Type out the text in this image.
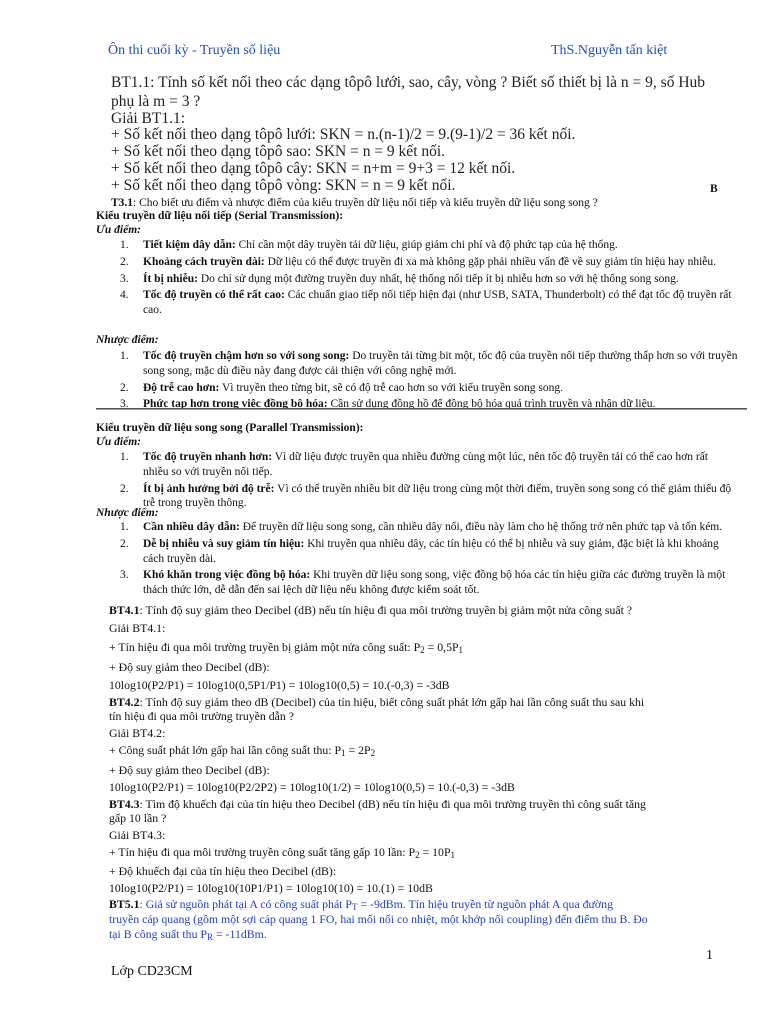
Ôn thi cuối kỳ - Truyền số liệu	ThS.Nguyễn tấn kiệt
BT1.1: Tính số kết nối theo các dạng tôpô lưới, sao, cây, vòng ? Biết số thiết bị là n = 9, số Hub
phụ là m = 3 ?
Giải BT1.1:
+ Số kết nối theo dạng tôpô lưới: SKN = n.(n-1)/2 = 9.(9-1)/2 = 36 kết nối.
+ Số kết nối theo dạng tôpô sao: SKN = n = 9 kết nối.
+ Số kết nối theo dạng tôpô cây: SKN = n+m = 9+3 = 12 kết nối.
+ Số kết nối theo dạng tôpô vòng: SKN = n = 9 kết nối.	B
T3.1: Cho biết ưu điểm và nhược điểm của kiểu truyền dữ liệu nối tiếp và kiểu truyền dữ liệu song song ?
Kiểu truyền dữ liệu nối tiếp (Serial Transmission):
Ưu điểm:
1. Tiết kiệm dây dẫn: Chỉ cần một dây truyền tải dữ liệu, giúp giảm chi phí và độ phức tạp của hệ thống.
2. Khoảng cách truyền dài: Dữ liệu có thể được truyền đi xa mà không gặp phải nhiều vấn đề về suy giảm tín hiệu hay nhiễu.
3. Ít bị nhiễu: Do chỉ sử dụng một đường truyền duy nhất, hệ thống nối tiếp ít bị nhiễu hơn so với hệ thống song song.
4. Tốc độ truyền có thể rất cao: Các chuẩn giao tiếp nối tiếp hiện đại (như USB, SATA, Thunderbolt) có thể đạt tốc độ truyền rất cao.
Nhược điểm:
1. Tốc độ truyền chậm hơn so với song song: Do truyền tải từng bit một, tốc độ của truyền nối tiếp thường thấp hơn so với truyền song song, mặc dù điều này đang được cải thiện với công nghệ mới.
2. Độ trễ cao hơn: Vì truyền theo từng bit, sẽ có độ trễ cao hơn so với kiểu truyền song song.
3. Phức tạp hơn trong việc đồng bộ hóa: Cần sử dụng đồng hồ để đồng bộ hóa quá trình truyền và nhận dữ liệu.
Kiểu truyền dữ liệu song song (Parallel Transmission):
Ưu điểm:
1. Tốc độ truyền nhanh hơn: Vì dữ liệu được truyền qua nhiều đường cùng một lúc, nên tốc độ truyền tải có thể cao hơn rất nhiều so với truyền nối tiếp.
2. Ít bị ảnh hưởng bởi độ trễ: Vì có thể truyền nhiều bit dữ liệu trong cùng một thời điểm, truyền song song có thể giảm thiểu độ trễ trong truyền thông.
Nhược điểm:
1. Cần nhiều dây dẫn: Để truyền dữ liệu song song, cần nhiều dây nối, điều này làm cho hệ thống trở nên phức tạp và tốn kém.
2. Dễ bị nhiễu và suy giảm tín hiệu: Khi truyền qua nhiều dây, các tín hiệu có thể bị nhiễu và suy giảm, đặc biệt là khi khoảng cách truyền dài.
3. Khó khăn trong việc đồng bộ hóa: Khi truyền dữ liệu song song, việc đồng bộ hóa các tín hiệu giữa các đường truyền là một thách thức lớn, dễ dẫn đến sai lệch dữ liệu nếu không được kiểm soát tốt.
BT4.1: Tính độ suy giảm theo Decibel (dB) nếu tín hiệu đi qua môi trường truyền bị giảm một nửa công suất ?
Giải BT4.1:
+ Tín hiệu đi qua môi trường truyền bị giảm một nửa công suất: P2 = 0,5P1
+ Độ suy giảm theo Decibel (dB):
10log10(P2/P1) = 10log10(0,5P1/P1) = 10log10(0,5) = 10.(-0,3) = -3dB
BT4.2: Tính độ suy giảm theo dB (Decibel) của tín hiệu, biết công suất phát lớn gấp hai lần công suất thu sau khi
tín hiệu đi qua môi trường truyền dẫn ?
Giải BT4.2:
+ Công suất phát lớn gấp hai lần công suất thu: P1 = 2P2
+ Độ suy giảm theo Decibel (dB):
10log10(P2/P1) = 10log10(P2/2P2) = 10log10(1/2) = 10log10(0,5) = 10.(-0,3) = -3dB
BT4.3: Tìm độ khuếch đại của tín hiệu theo Decibel (dB) nếu tín hiệu đi qua môi trường truyền thì công suất tăng
gấp 10 lần ?
Giải BT4.3:
+ Tín hiệu đi qua môi trường truyền công suất tăng gấp 10 lần: P2 = 10P1
+ Độ khuếch đại của tín hiệu theo Decibel (dB):
10log10(P2/P1) = 10log10(10P1/P1) = 10log10(10) = 10.(1) = 10dB
BT5.1: Giả sử nguồn phát tại A có công suất phát PT = -9dBm. Tín hiệu truyền từ nguồn phát A qua đường
truyền cáp quang (gồm một sợi cáp quang 1 FO, hai mối nối co nhiệt, một khớp nối coupling) đến điểm thu B. Đo
tại B công suất thu PR = -11dBm.
1
Lớp CD23CM
